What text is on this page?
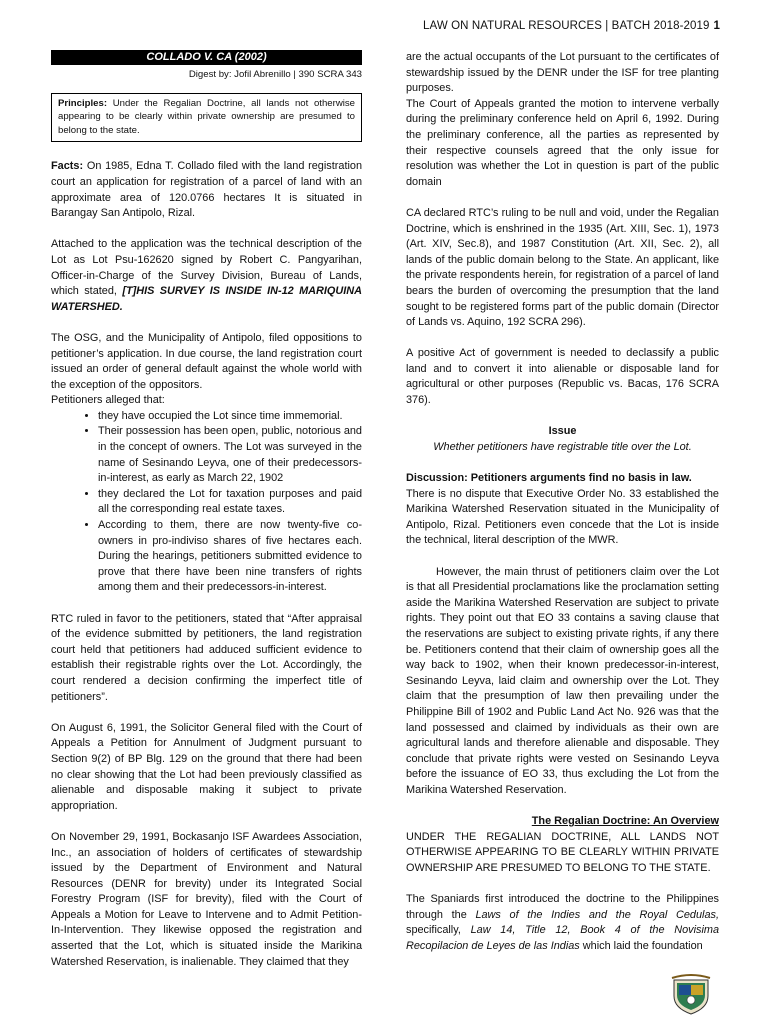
LAW ON NATURAL RESOURCES | BATCH 2018-2019 1
COLLADO V. CA (2002)
Digest by: Jofil Abrenillo | 390 SCRA 343
Principles: Under the Regalian Doctrine, all lands not otherwise appearing to be clearly within private ownership are presumed to belong to the state.

Facts: On 1985, Edna T. Collado filed with the land registration court an application for registration of a parcel of land with an approximate area of 120.0766 hectares It is situated in Barangay San Antipolo, Rizal.

Attached to the application was the technical description of the Lot as Lot Psu-162620 signed by Robert C. Pangyarihan, Officer-in-Charge of the Survey Division, Bureau of Lands, which stated, [T]HIS SURVEY IS INSIDE IN-12 MARIQUINA WATERSHED.

The OSG, and the Municipality of Antipolo, filed oppositions to petitioner’s application. In due course, the land registration court issued an order of general default against the whole world with the exception of the oppositors.

Petitioners alleged that:

• they have occupied the Lot since time immemorial.
• Their possession has been open, public, notorious and in the concept of owners. The Lot was surveyed in the name of Sesinando Leyva, one of their predecessors-in-interest, as early as March 22, 1902
• they declared the Lot for taxation purposes and paid all the corresponding real estate taxes.
• According to them, there are now twenty-five co-owners in pro-indiviso shares of five hectares each. During the hearings, petitioners submitted evidence to prove that there have been nine transfers of rights among them and their predecessors-in-interest.

RTC ruled in favor to the petitioners, stated that “After appraisal of the evidence submitted by petitioners, the land registration court held that petitioners had adduced sufficient evidence to establish their registrable rights over the Lot. Accordingly, the court rendered a decision confirming the imperfect title of petitioners”.

On August 6, 1991, the Solicitor General filed with the Court of Appeals a Petition for Annulment of Judgment pursuant to Section 9(2) of BP Blg. 129 on the ground that there had been no clear showing that the Lot had been previously classified as alienable and disposable making it subject to private appropriation.

On November 29, 1991, Bockasanjo ISF Awardees Association, Inc., an association of holders of certificates of stewardship issued by the Department of Environment and Natural Resources (DENR for brevity) under its Integrated Social Forestry Program (ISF for brevity), filed with the Court of Appeals a Motion for Leave to Intervene and to Admit Petition-In-Intervention. They likewise opposed the registration and asserted that the Lot, which is situated inside the Marikina Watershed Reservation, is inalienable. They claimed that they

are the actual occupants of the Lot pursuant to the certificates of stewardship issued by the DENR under the ISF for tree planting purposes.

The Court of Appeals granted the motion to intervene verbally during the preliminary conference held on April 6, 1992. During the preliminary conference, all the parties as represented by their respective counsels agreed that the only issue for resolution was whether the Lot in question is part of the public domain

CA declared RTC’s ruling to be null and void, under the Regalian Doctrine, which is enshrined in the 1935 (Art. XIII, Sec. 1), 1973 (Art. XIV, Sec.8), and 1987 Constitution (Art. XII, Sec. 2), all lands of the public domain belong to the State. An applicant, like the private respondents herein, for registration of a parcel of land bears the burden of overcoming the presumption that the land sought to be registered forms part of the public domain (Director of Lands vs. Aquino, 192 SCRA 296).

A positive Act of government is needed to declassify a public land and to convert it into alienable or disposable land for agricultural or other purposes (Republic vs. Bacas, 176 SCRA 376).

Issue

Whether petitioners have registrable title over the Lot.

Discussion: Petitioners arguments find no basis in law.

There is no dispute that Executive Order No. 33 established the Marikina Watershed Reservation situated in the Municipality of Antipolo, Rizal. Petitioners even concede that the Lot is inside the technical, literal description of the MWR.

However, the main thrust of petitioners claim over the Lot is that all Presidential proclamations like the proclamation setting aside the Marikina Watershed Reservation are subject to private rights. They point out that EO 33 contains a saving clause that the reservations are subject to existing private rights, if any there be. Petitioners contend that their claim of ownership goes all the way back to 1902, when their known predecessor-in-interest, Sesinando Leyva, laid claim and ownership over the Lot. They claim that the presumption of law then prevailing under the Philippine Bill of 1902 and Public Land Act No. 926 was that the land possessed and claimed by individuals as their own are agricultural lands and therefore alienable and disposable. They conclude that private rights were vested on Sesinando Leyva before the issuance of EO 33, thus excluding the Lot from the Marikina Watershed Reservation.

The Regalian Doctrine: An Overview

UNDER THE REGALIAN DOCTRINE, ALL LANDS NOT OTHERWISE APPEARING TO BE CLEARLY WITHIN PRIVATE OWNERSHIP ARE PRESUMED TO BELONG TO THE STATE.

The Spaniards first introduced the doctrine to the Philippines through the Laws of the Indies and the Royal Cedulas, specifically, Law 14, Title 12, Book 4 of the Novisima Recopilacion de Leyes de las Indias which laid the foundation
